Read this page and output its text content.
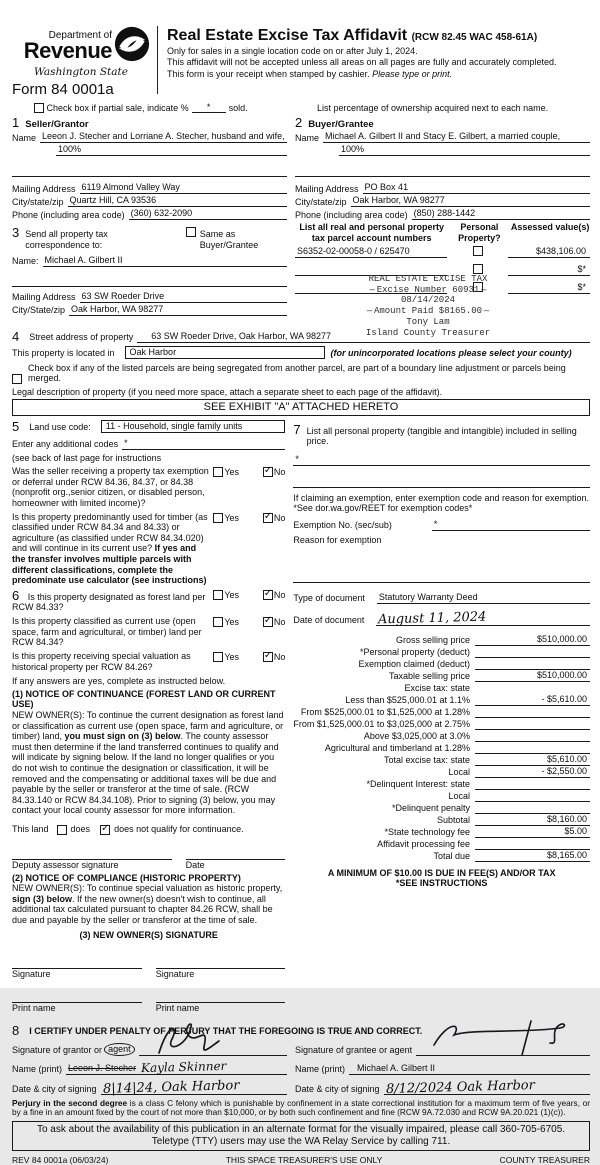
Department of
Revenue
Washington State
Form 84 0001a
Real Estate Excise Tax Affidavit (RCW 82.45 WAC 458-61A)
Only for sales in a single location code on or after July 1, 2024.
This affidavit will not be accepted unless all areas on all pages are fully and accurately completed.
This form is your receipt when stamped by cashier. Please type or print.

Check box if partial sale, indicate %	*	sold.	List percentage of ownership acquired next to each name.
1 Seller/Grantor
Name Leeon J. Stecher and Lorriane A. Stecher, husband and wife,
100%
Mailing Address 6119 Almond Valley Way
City/state/zip Quartz Hill, CA 93536
Phone (including area code) (360) 632-2090
3 Send all property tax correspondence to:
Same as Buyer/Grantee
Name: Michael A. Gilbert II
Mailing Address 63 SW Roeder Drive
City/State/zip Oak Harbor, WA 98277
2 Buyer/Grantee
Name Michael A. Gilbert II and Stacy E. Gilbert, a married couple,
100%
Mailing Address PO Box 41
City/state/zip Oak Harbor, WA 98277
Phone (including area code) (850) 288-1442
List all real and personal property tax parcel account numbers
Personal Property?
Assessed value(s)
S6352-02-00058-0 / 625470	$438,106.00
$*
$*
REAL ESTATE EXCISE TAX
— Excise Number 60931 —
08/14/2024
— Amount Paid $8165.00 —
Tony Lam
Island County Treasurer
4 Street address of property	63 SW Roeder Drive, Oak Harbor, WA 98277
This property is located in	Oak Harbor	(for unincorporated locations please select your county)
Check box if any of the listed parcels are being segregated from another parcel, are part of a boundary line adjustment or parcels being merged.
Legal description of property (if you need more space, attach a separate sheet to each page of the affidavit).
SEE EXHIBIT "A" ATTACHED HERETO
5 Land use code:	11 - Household, single family units
Enter any additional codes *
(see back of last page for instructions
Was the seller receiving a property tax exemption or deferral under RCW 84.36, 84.37, or 84.38 (nonprofit org.,senior citizen, or disabled person, homeowner with limited income)?
Yes ✓	No
Is this property predominantly used for timber (as classified under RCW 84.34 and 84.33) or agriculture (as classified under RCW 84.34.020) and will continue in its current use? If yes and the transfer involves multiple parcels with different classifications, complete the predominate use calculator (see instructions)
Yes ✓	No
6 Is this property designated as forest land per RCW 84.33?
Yes ✓	No
Is this property classified as current use (open space, farm and agricultural, or timber) land per RCW 84.34?
Yes ✓	No
Is this property receiving special valuation as historical property per RCW 84.26?
Yes ✓	No
If any answers are yes, complete as instructed below.
(1) NOTICE OF CONTINUANCE (FOREST LAND OR CURRENT USE)
NEW OWNER(S): To continue the current designation as forest land or classification as current use (open space, farm and agriculture, or timber) land, you must sign on (3) below. The county assessor must then determine if the land transferred continues to qualify and will indicate by signing below. If the land no longer qualifies or you do not wish to continue the designation or classification, it will be removed and the compensating or additional taxes will be due and payable by the seller or transferor at the time of sale. (RCW 84.33.140 or RCW 84.34.108). Prior to signing (3) below, you may contact your local county assessor for more information.
This land does ✓	does not qualify for continuance.
Deputy assessor signature	Date
(2) NOTICE OF COMPLIANCE (HISTORIC PROPERTY)
NEW OWNER(S): To continue special valuation as historic property, sign (3) below. If the new owner(s) doesn't wish to continue, all additional tax calculated pursuant to chapter 84.26 RCW, shall be due and payable by the seller or transferor at the time of sale.
(3) NEW OWNER(S) SIGNATURE
Signature	Signature
Print name	Print name
7 List all personal property (tangible and intangible) included in selling price.
*
If claiming an exemption, enter exemption code and reason for exemption.
*See dor.wa.gov/REET for exemption codes*
Exemption No. (sec/sub)	*
Reason for exemption
Type of document Statutory Warranty Deed
Date of document August 11, 2024
Gross selling price	$510,000.00
*Personal property (deduct)
Exemption claimed (deduct)
Taxable selling price	$510,000.00
Excise tax: state
Less than $525,000.01 at 1.1%	- $5,610.00
From $525,000.01 to $1,525,000 at 1.28%
From $1,525,000.01 to $3,025,000 at 2.75%
Above $3,025,000 at 3.0%
Agricultural and timberland at 1.28%
Total excise tax: state	$5,610.00
Local	- $2,550.00
*Delinquent Interest: state
Local
*Delinquent penalty
Subtotal	$8,160.00
*State technology fee	$5.00
Affidavit processing fee
Total due	$8,165.00
A MINIMUM OF $10.00 IS DUE IN FEE(S) AND/OR TAX
*SEE INSTRUCTIONS
8 I CERTIFY UNDER PENALTY OF PERJURY THAT THE FOREGOING IS TRUE AND CORRECT.
Signature of grantor or agent
Name (print) Leeon J. Stecher Kayla Skinner
Date & city of signing 8|14|24, Oak Harbor
Signature of grantee or agent
Name (print)	Michael A. Gilbert II
Date & city of signing 8/12/2024 Oak Harbor
Perjury in the second degree is a class C felony which is punishable by confinement in a state correctional institution for a maximum term of five years, or by a fine in an amount fixed by the court of not more than $10,000, or by both such confinement and fine (RCW 9A.72.030 and RCW 9A.20.021 (1)(c)).
To ask about the availability of this publication in an alternate format for the visually impaired, please call 360-705-6705. Teletype (TTY) users may use the WA Relay Service by calling 711.
REV 84 0001a (06/03/24)	THIS SPACE TREASURER'S USE ONLY	COUNTY TREASURER
